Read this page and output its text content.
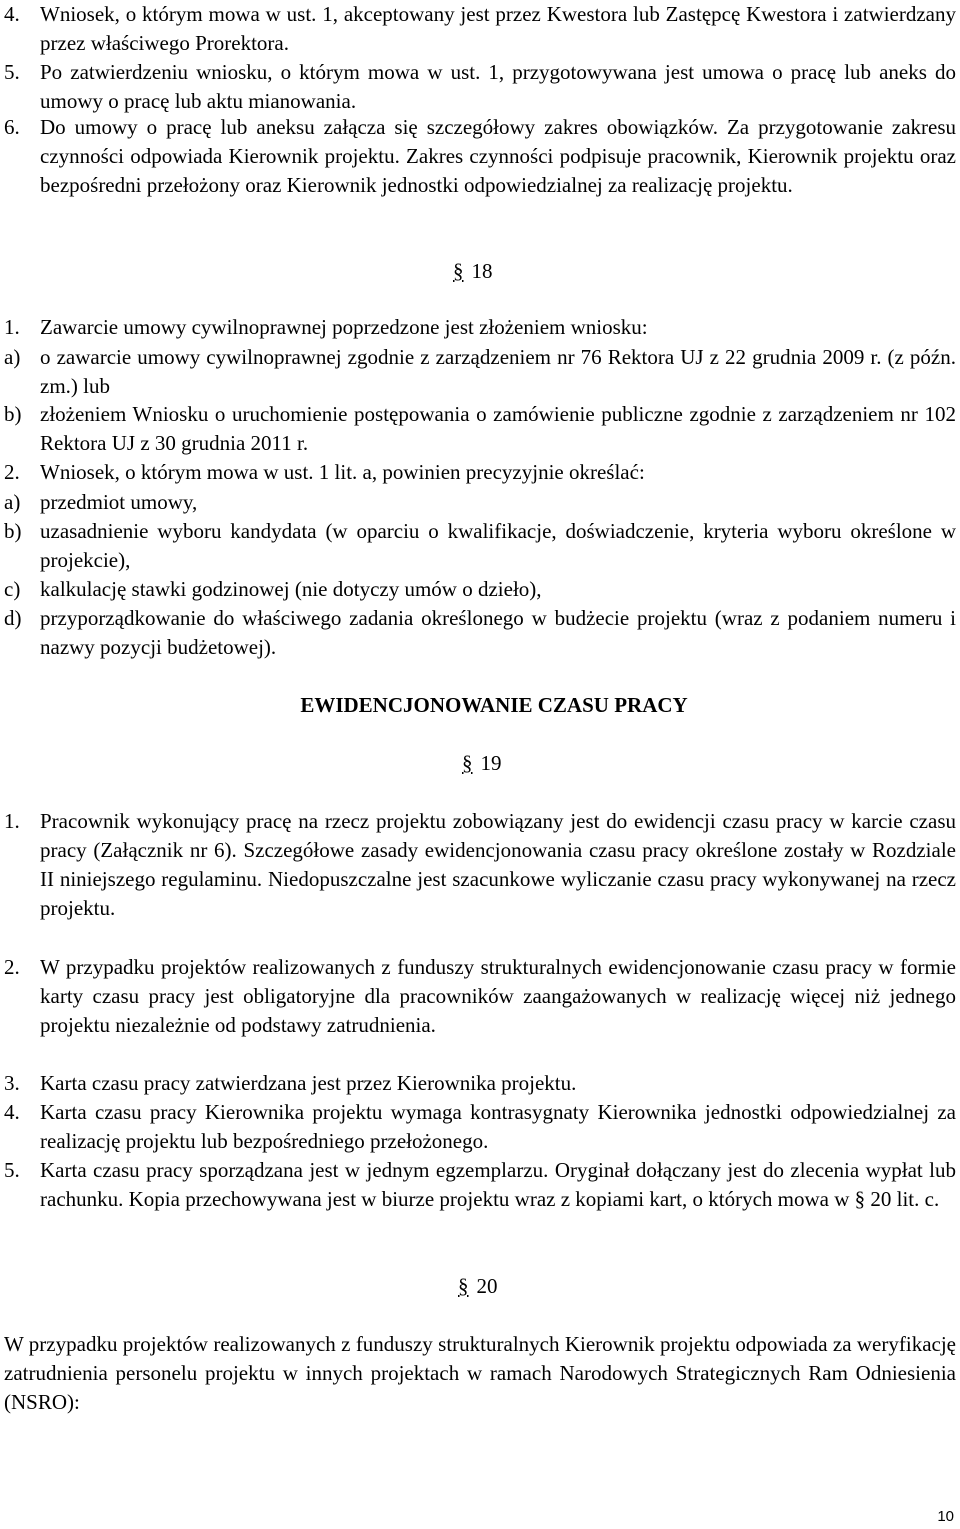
4. Wniosek, o którym mowa w ust. 1, akceptowany jest przez Kwestora lub Zastępcę Kwestora i zatwierdzany przez właściwego Prorektora.
5. Po zatwierdzeniu wniosku, o którym mowa w ust. 1, przygotowywana jest umowa o pracę lub aneks do umowy o pracę lub aktu mianowania.
6. Do umowy o pracę lub aneksu załącza się szczegółowy zakres obowiązków. Za przygotowanie zakresu czynności odpowiada Kierownik projektu. Zakres czynności podpisuje pracownik, Kierownik projektu oraz bezpośredni przełożony oraz Kierownik jednostki odpowiedzialnej za realizację projektu.
§ 18
1. Zawarcie umowy cywilnoprawnej poprzedzone jest złożeniem wniosku:
a) o zawarcie umowy cywilnoprawnej zgodnie z zarządzeniem nr 76 Rektora UJ z 22 grudnia 2009 r. (z późn. zm.) lub
b) złożeniem Wniosku o uruchomienie postępowania o zamówienie publiczne zgodnie z zarządzeniem nr 102 Rektora UJ z 30 grudnia 2011 r.
2. Wniosek, o którym mowa w ust. 1 lit. a, powinien precyzyjnie określać:
a) przedmiot umowy,
b) uzasadnienie wyboru kandydata (w oparciu o kwalifikacje, doświadczenie, kryteria wyboru określone w projekcie),
c) kalkulację stawki godzinowej (nie dotyczy umów o dzieło),
d) przyporządkowanie do właściwego zadania określonego w budżecie projektu (wraz z podaniem numeru i nazwy pozycji budżetowej).
EWIDENCJONOWANIE CZASU PRACY
§ 19
1. Pracownik wykonujący pracę na rzecz projektu zobowiązany jest do ewidencji czasu pracy w karcie czasu pracy (Załącznik nr 6). Szczegółowe zasady ewidencjonowania czasu pracy określone zostały w Rozdziale II niniejszego regulaminu. Niedopuszczalne jest szacunkowe wyliczanie czasu pracy wykonywanej na rzecz projektu.
2. W przypadku projektów realizowanych z funduszy strukturalnych ewidencjonowanie czasu pracy w formie karty czasu pracy jest obligatoryjne dla pracowników zaangażowanych w realizację więcej niż jednego projektu niezależnie od podstawy zatrudnienia.
3. Karta czasu pracy zatwierdzana jest przez Kierownika projektu.
4. Karta czasu pracy Kierownika projektu wymaga kontrasygnaty Kierownika jednostki odpowiedzialnej za realizację projektu lub bezpośredniego przełożonego.
5. Karta czasu pracy sporządzana jest w jednym egzemplarzu. Oryginał dołączany jest do zlecenia wypłat lub rachunku. Kopia przechowywana jest w biurze projektu wraz z kopiami kart, o których mowa w § 20 lit. c.
§ 20
W przypadku projektów realizowanych z funduszy strukturalnych Kierownik projektu odpowiada za weryfikację zatrudnienia personelu projektu w innych projektach w ramach Narodowych Strategicznych Ram Odniesienia (NSRO):
10
